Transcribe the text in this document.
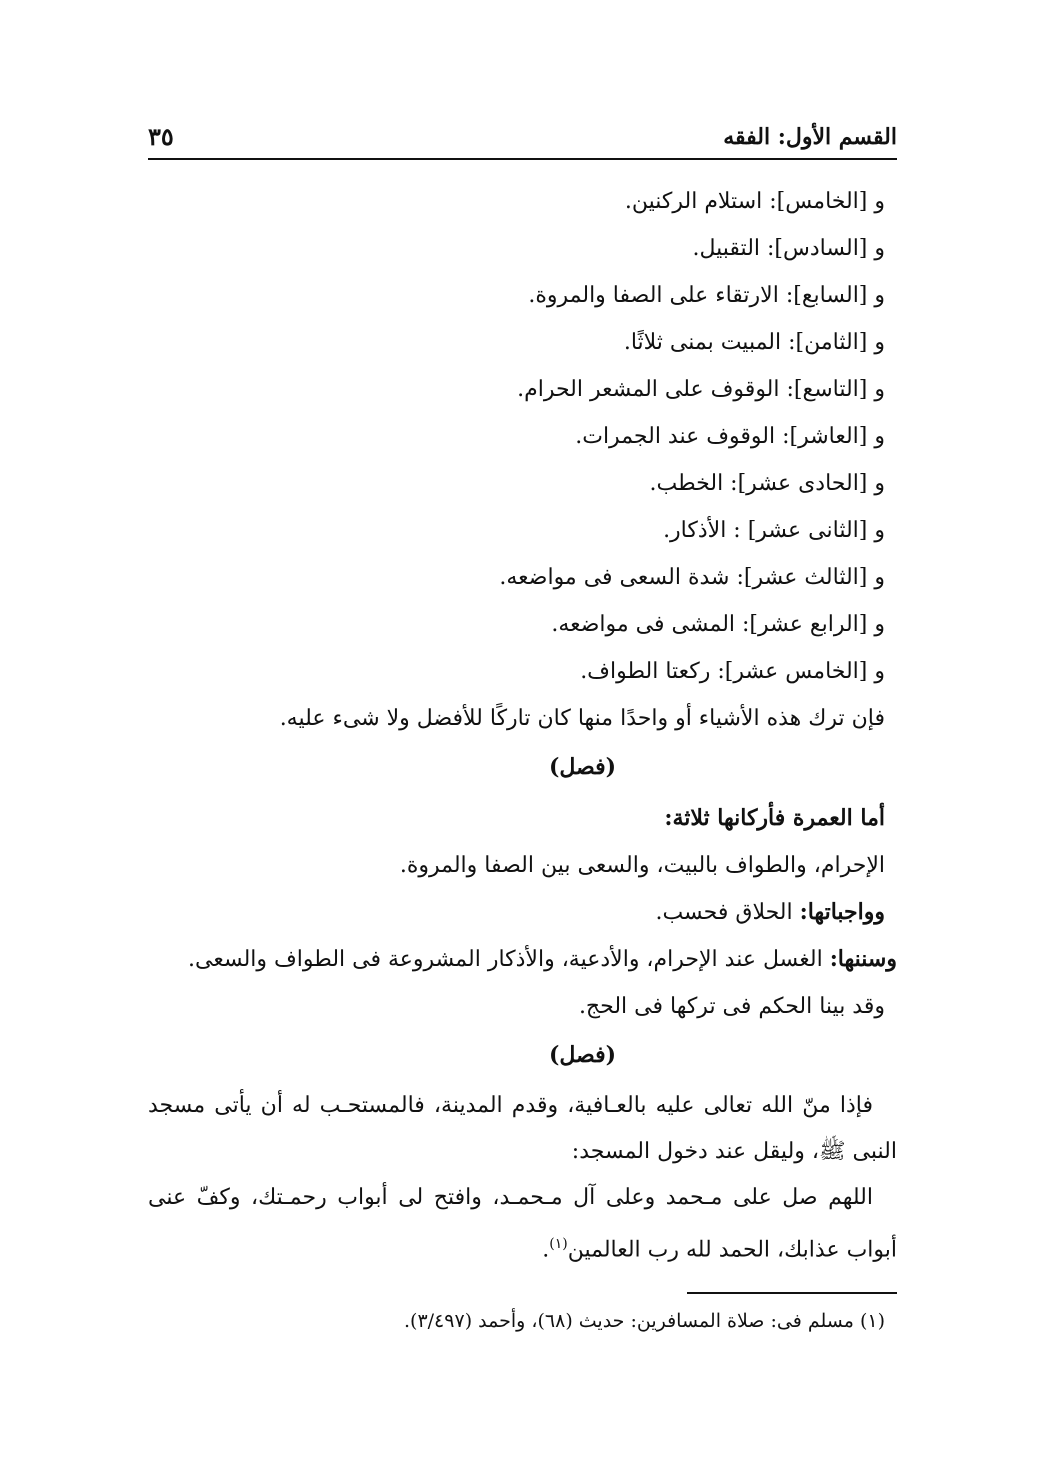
القسم الأول: الفقه
٣٥
و [الخامس]: استلام الركنين.
و [السادس]: التقبيل.
و [السابع]: الارتقاء على الصفا والمروة.
و [الثامن]: المبيت بمنى ثلاثًا.
و [التاسع]: الوقوف على المشعر الحرام.
و [العاشر]: الوقوف عند الجمرات.
و [الحادى عشر]: الخطب.
و [الثانى عشر] : الأذكار.
و [الثالث عشر]: شدة السعى فى مواضعه.
و [الرابع عشر]: المشى فى مواضعه.
و [الخامس عشر]: ركعتا الطواف.
فإن ترك هذه الأشياء أو واحدًا منها كان تاركًا للأفضل ولا شىء عليه.
(فصل)
أما العمرة فأركانها ثلاثة:
الإحرام، والطواف بالبيت، والسعى بين الصفا والمروة.
وواجباتها: الحلاق فحسب.
وسننها: الغسل عند الإحرام، والأدعية، والأذكار المشروعة فى الطواف والسعى.
وقد بينا الحكم فى تركها فى الحج.
(فصل)

فإذا منّ الله تعالى عليه بالعـافية، وقدم المدينة، فالمستحـب له أن يأتى مسجد النبى ﷺ، وليقل عند دخول المسجد:

اللهم صل على مـحمد وعلى آل مـحمـد، وافتح لى أبواب رحمـتك، وكفّ عنى أبواب عذابك، الحمد لله رب العالمين$^{(١)}$.

(١) مسلم فى: صلاة المسافرين: حديث (٦٨)، وأحمد (٣/٤٩٧).
